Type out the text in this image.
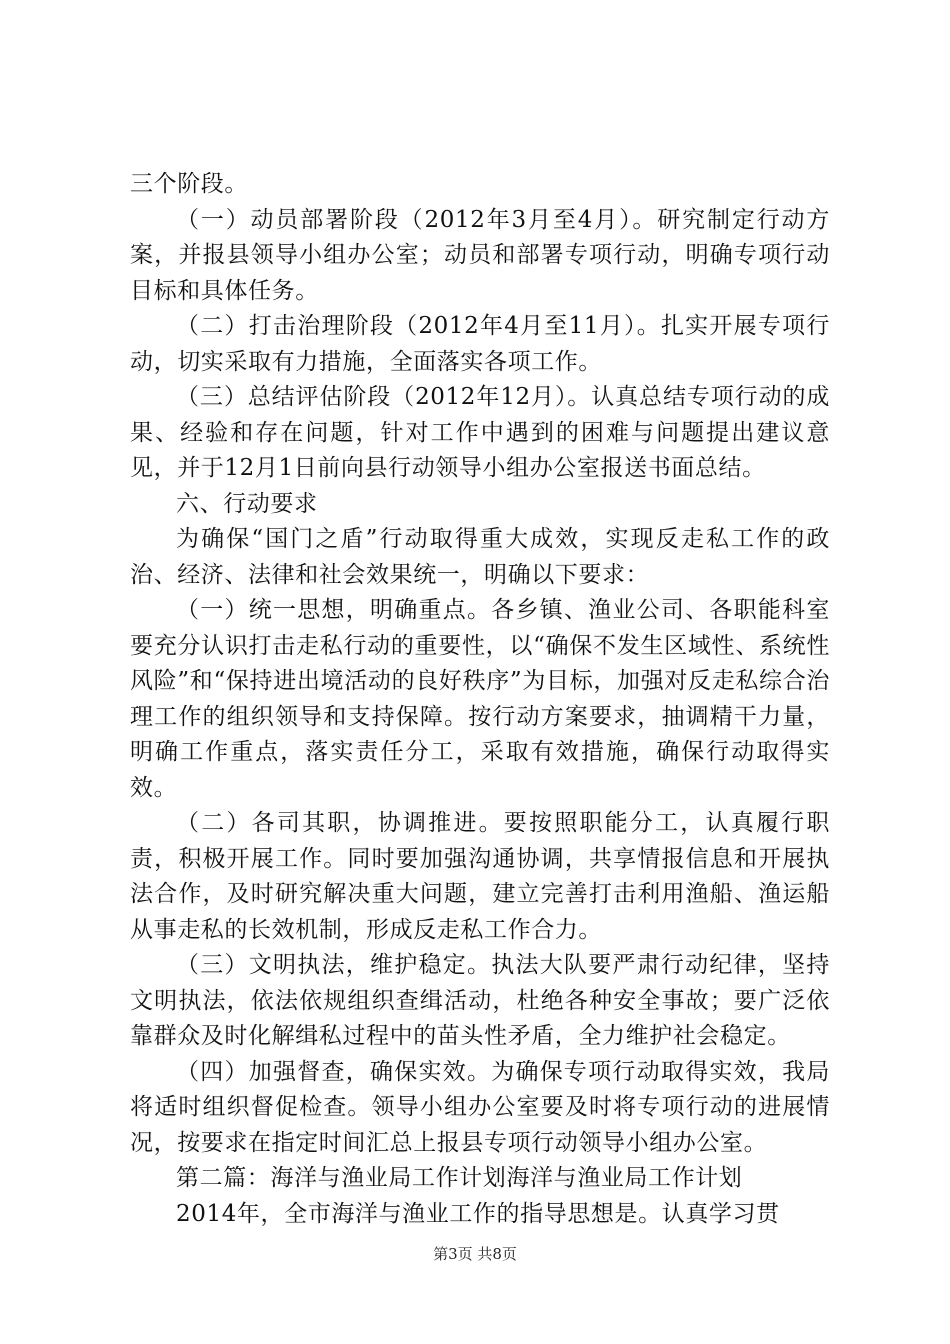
三个阶段。

（一）动员部署阶段（2012年3月至4月）。研究制定行动方案，并报县领导小组办公室；动员和部署专项行动，明确专项行动目标和具体任务。

（二）打击治理阶段（2012年4月至11月）。扎实开展专项行动，切实采取有力措施，全面落实各项工作。

（三）总结评估阶段（2012年12月）。认真总结专项行动的成果、经验和存在问题，针对工作中遇到的困难与问题提出建议意见，并于12月1日前向县行动领导小组办公室报送书面总结。

六、行动要求

为确保“国门之盾”行动取得重大成效，实现反走私工作的政治、经济、法律和社会效果统一，明确以下要求：

（一）统一思想，明确重点。各乡镇、渔业公司、各职能科室要充分认识打击走私行动的重要性，以“确保不发生区域性、系统性风险”和“保持进出境活动的良好秩序”为目标，加强对反走私综合治理工作的组织领导和支持保障。按行动方案要求，抽调精干力量，明确工作重点，落实责任分工，采取有效措施，确保行动取得实效。

（二）各司其职，协调推进。要按照职能分工，认真履行职责，积极开展工作。同时要加强沟通协调，共享情报信息和开展执法合作，及时研究解决重大问题，建立完善打击利用渔船、渔运船从事走私的长效机制，形成反走私工作合力。

（三）文明执法，维护稳定。执法大队要严肃行动纪律，坚持文明执法，依法依规组织查缉活动，杜绝各种安全事故；要广泛依靠群众及时化解缉私过程中的苗头性矛盾，全力维护社会稳定。

（四）加强督查，确保实效。为确保专项行动取得实效，我局将适时组织督促检查。领导小组办公室要及时将专项行动的进展情况，按要求在指定时间汇总上报县专项行动领导小组办公室。

第二篇：海洋与渔业局工作计划海洋与渔业局工作计划

2014年，全市海洋与渔业工作的指导思想是。认真学习贯

第3页 共8页
